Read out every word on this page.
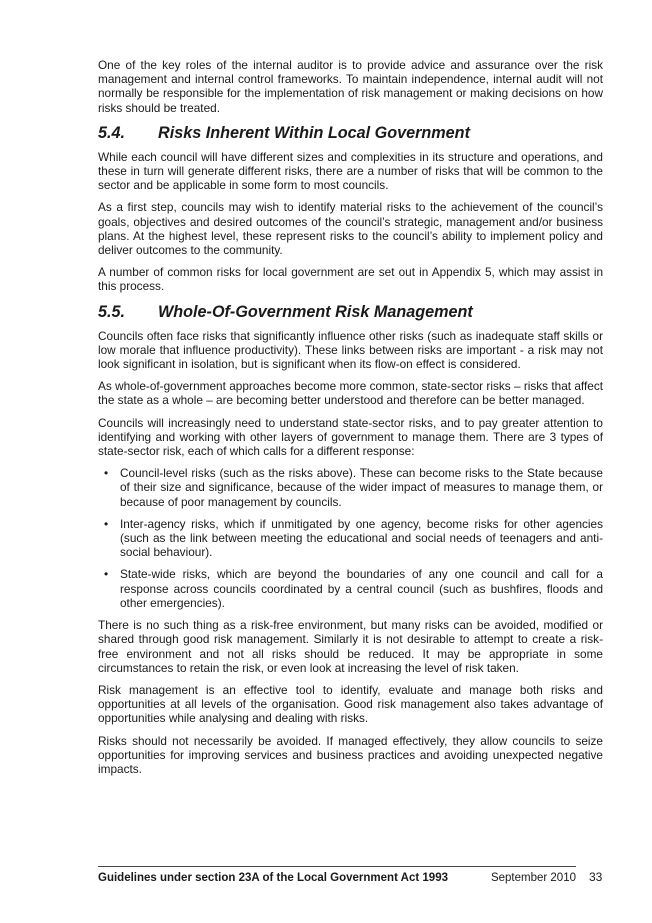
One of the key roles of the internal auditor is to provide advice and assurance over the risk management and internal control frameworks. To maintain independence, internal audit will not normally be responsible for the implementation of risk management or making decisions on how risks should be treated.

5.4.	Risks Inherent Within Local Government

While each council will have different sizes and complexities in its structure and operations, and these in turn will generate different risks, there are a number of risks that will be common to the sector and be applicable in some form to most councils.

As a first step, councils may wish to identify material risks to the achievement of the council’s goals, objectives and desired outcomes of the council’s strategic, management and/or business plans. At the highest level, these represent risks to the council’s ability to implement policy and deliver outcomes to the community.

A number of common risks for local government are set out in Appendix 5, which may assist in this process.

5.5.	Whole-Of-Government Risk Management

Councils often face risks that significantly influence other risks (such as inadequate staff skills or low morale that influence productivity). These links between risks are important - a risk may not look significant in isolation, but is significant when its flow-on effect is considered.

As whole-of-government approaches become more common, state-sector risks – risks that affect the state as a whole – are becoming better understood and therefore can be better managed.

Councils will increasingly need to understand state-sector risks, and to pay greater attention to identifying and working with other layers of government to manage them. There are 3 types of state-sector risk, each of which calls for a different response:

• Council-level risks (such as the risks above). These can become risks to the State because of their size and significance, because of the wider impact of measures to manage them, or because of poor management by councils.
• Inter-agency risks, which if unmitigated by one agency, become risks for other agencies (such as the link between meeting the educational and social needs of teenagers and anti-social behaviour).
• State-wide risks, which are beyond the boundaries of any one council and call for a response across councils coordinated by a central council (such as bushfires, floods and other emergencies).

There is no such thing as a risk-free environment, but many risks can be avoided, modified or shared through good risk management. Similarly it is not desirable to attempt to create a risk-free environment and not all risks should be reduced. It may be appropriate in some circumstances to retain the risk, or even look at increasing the level of risk taken.

Risk management is an effective tool to identify, evaluate and manage both risks and opportunities at all levels of the organisation. Good risk management also takes advantage of opportunities while analysing and dealing with risks.

Risks should not necessarily be avoided. If managed effectively, they allow councils to seize opportunities for improving services and business practices and avoiding unexpected negative impacts.

Guidelines under section 23A of the Local Government Act 1993	September 2010 33
